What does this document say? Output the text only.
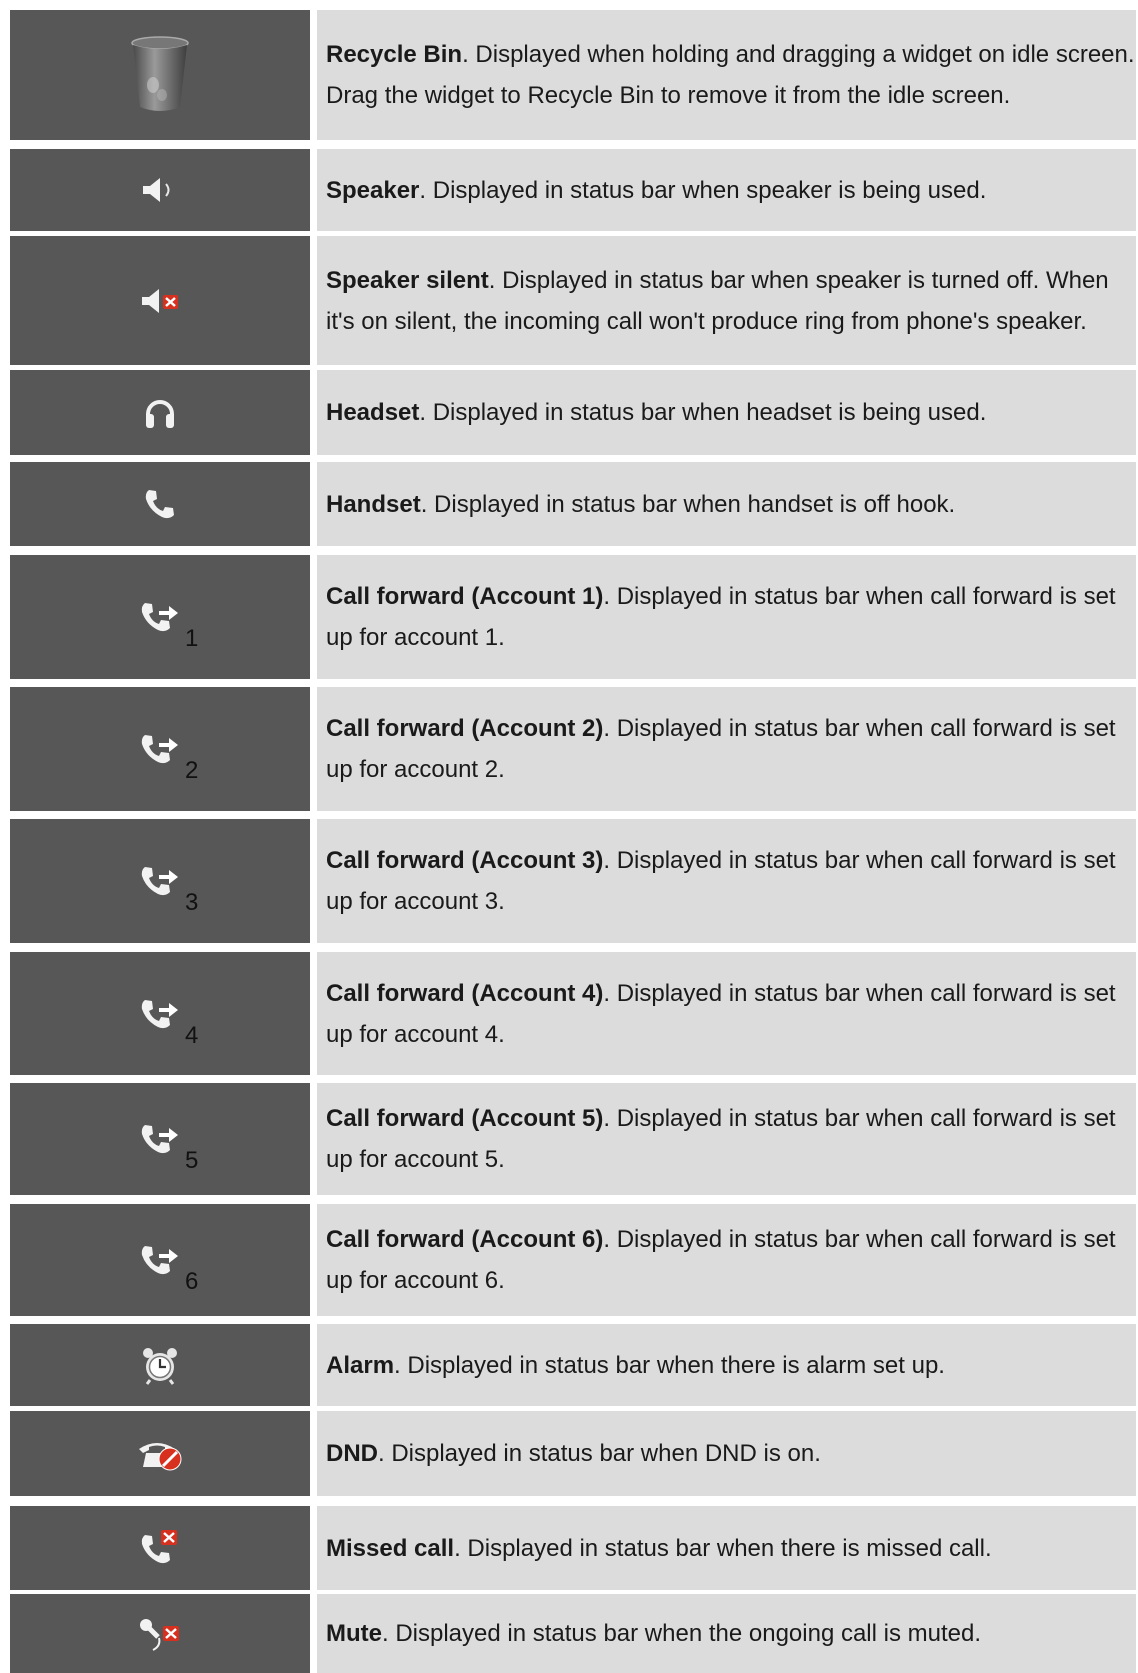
Recycle Bin. Displayed when holding and dragging a widget on idle screen.

Drag the widget to Recycle Bin to remove it from the idle screen.

Speaker. Displayed in status bar when speaker is being used.

Speaker silent. Displayed in status bar when speaker is turned off. When it's on silent, the incoming call won't produce ring from phone's speaker.

Headset. Displayed in status bar when headset is being used.

Handset. Displayed in status bar when handset is off hook.

1

Call forward (Account 1). Displayed in status bar when call forward is set up for account 1.

2

Call forward (Account 2). Displayed in status bar when call forward is set up for account 2.

3

Call forward (Account 3). Displayed in status bar when call forward is set up for account 3.

4

Call forward (Account 4). Displayed in status bar when call forward is set up for account 4.

5

Call forward (Account 5). Displayed in status bar when call forward is set up for account 5.

6

Call forward (Account 6). Displayed in status bar when call forward is set up for account 6.

Alarm. Displayed in status bar when there is alarm set up.

DND. Displayed in status bar when DND is on.

Missed call. Displayed in status bar when there is missed call.

Mute. Displayed in status bar when the ongoing call is muted.
